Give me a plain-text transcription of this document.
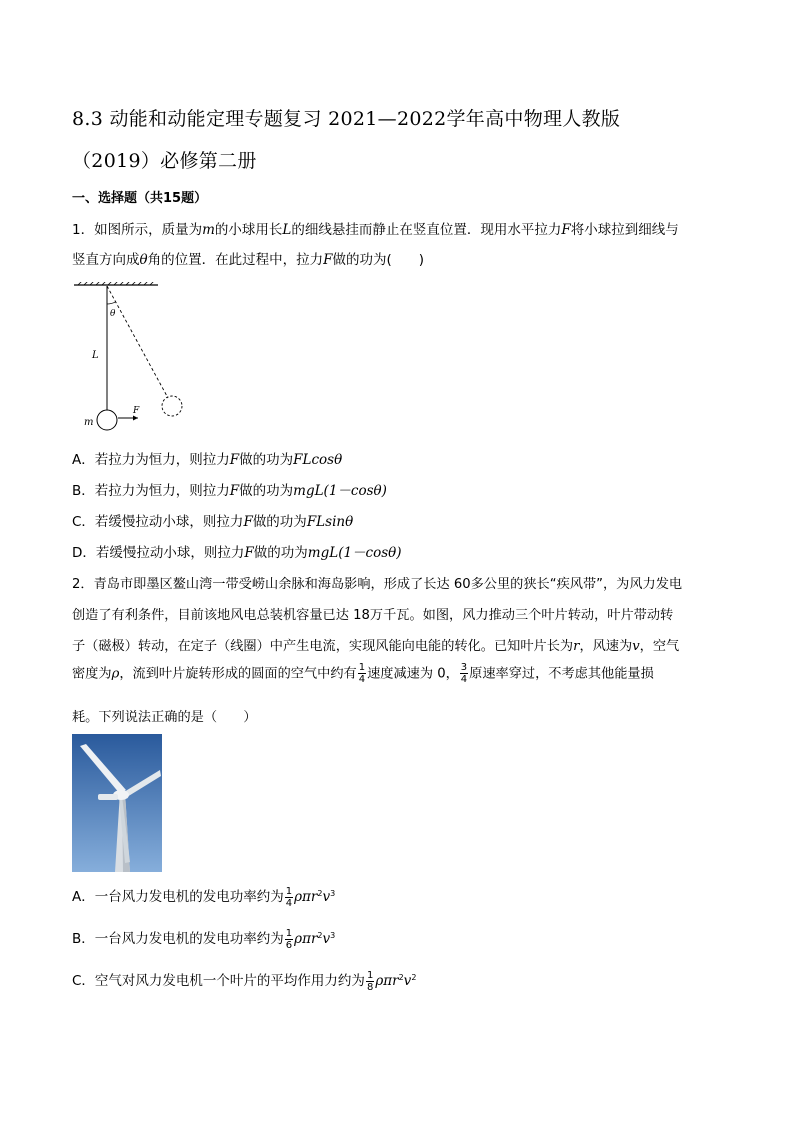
8.3 动能和动能定理专题复习 2021—2022学年高中物理人教版
（2019）必修第二册
一、选择题（共15题）
1．如图所示，质量为m的小球用长L的细线悬挂而静止在竖直位置．现用水平拉力F将小球拉到细线与
竖直方向成θ角的位置．在此过程中，拉力F做的功为(　　)
θ
L
m
F
A．若拉力为恒力，则拉力F做的功为FLcosθ
B．若拉力为恒力，则拉力F做的功为mgL(1－cosθ)
C．若缓慢拉动小球，则拉力F做的功为FLsinθ
D．若缓慢拉动小球，则拉力F做的功为mgL(1－cosθ)
2．青岛市即墨区鳌山湾一带受崂山余脉和海岛影响，形成了长达 60多公里的狭长“疾风带”，为风力发电
创造了有利条件，目前该地风电总装机容量已达 18万千瓦。如图，风力推动三个叶片转动，叶片带动转
子（磁极）转动，在定子（线圈）中产生电流，实现风能向电能的转化。已知叶片长为r，风速为v，空气
密度为ρ，流到叶片旋转形成的圆面的空气中约有 $\frac{1}{4}$ 速度减速为 0， $\frac{3}{4}$ 原速率穿过，不考虑其他能量损
耗。下列说法正确的是（　　）
A．一台风力发电机的发电功率约为 $\frac{1}{4} \rho\pi r^2v^3$
B．一台风力发电机的发电功率约为 $\frac{1}{6} \rho\pi r^2v^3$
C．空气对风力发电机一个叶片的平均作用力约为 $\frac{1}{8} \rho\pi r^2v^2$
